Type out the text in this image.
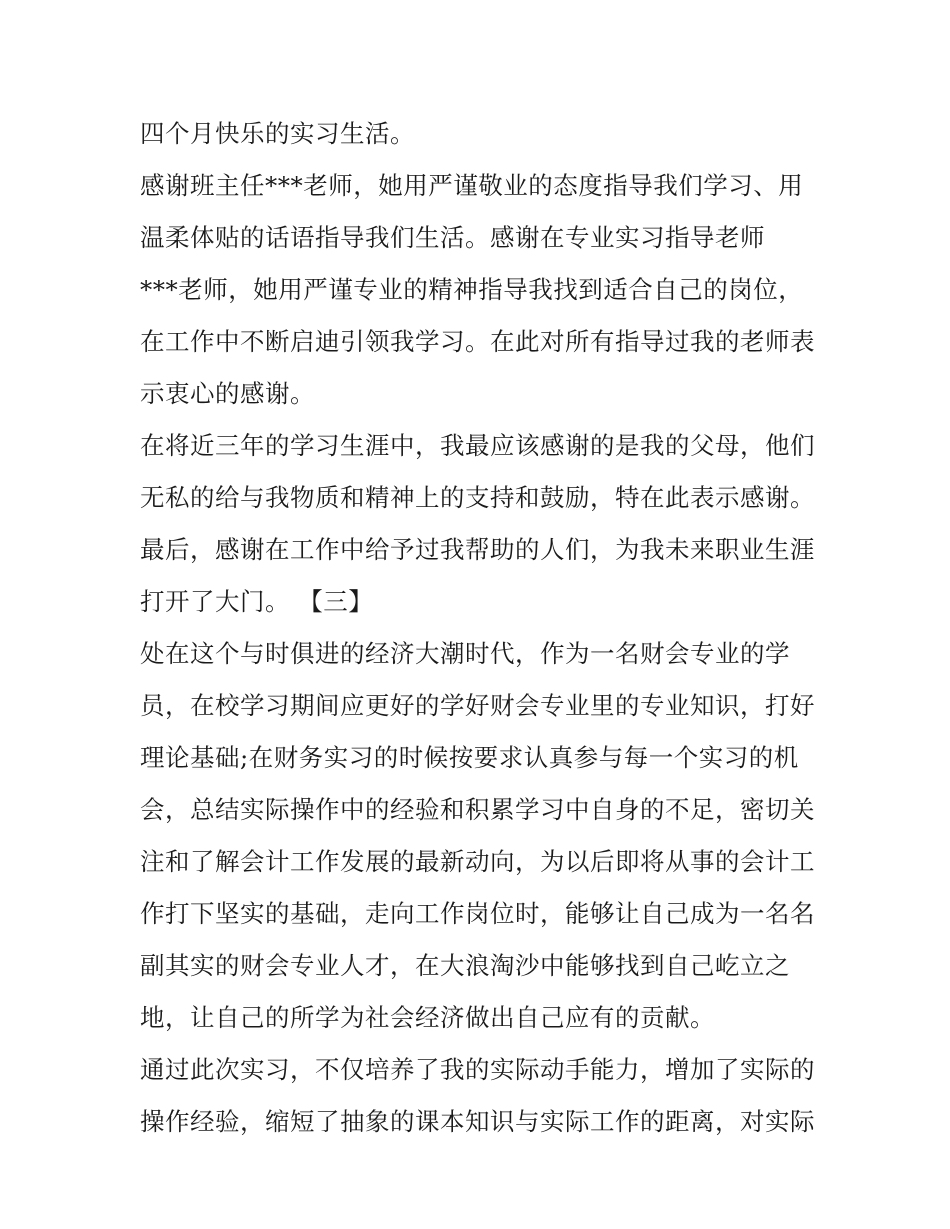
四个月快乐的实习生活。
感谢班主任***老师，她用严谨敬业的态度指导我们学习、用
温柔体贴的话语指导我们生活。感谢在专业实习指导老师
***老师，她用严谨专业的精神指导我找到适合自己的岗位，
在工作中不断启迪引领我学习。在此对所有指导过我的老师表
示衷心的感谢。
在将近三年的学习生涯中，我最应该感谢的是我的父母，他们
无私的给与我物质和精神上的支持和鼓励，特在此表示感谢。
最后，感谢在工作中给予过我帮助的人们，为我未来职业生涯
打开了大门。 【三】
处在这个与时俱进的经济大潮时代，作为一名财会专业的学
员，在校学习期间应更好的学好财会专业里的专业知识，打好
理论基础;在财务实习的时候按要求认真参与每一个实习的机
会，总结实际操作中的经验和积累学习中自身的不足，密切关
注和了解会计工作发展的最新动向，为以后即将从事的会计工
作打下坚实的基础，走向工作岗位时，能够让自己成为一名名
副其实的财会专业人才，在大浪淘沙中能够找到自己屹立之
地，让自己的所学为社会经济做出自己应有的贡献。
通过此次实习，不仅培养了我的实际动手能力，增加了实际的
操作经验，缩短了抽象的课本知识与实际工作的距离，对实际
